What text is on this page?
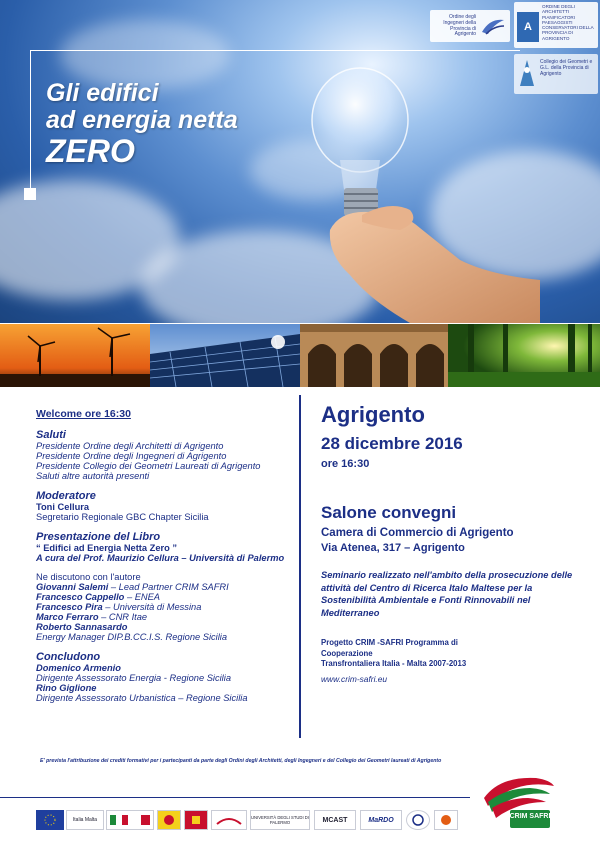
Gli edifici
ad energia netta
ZERO
Ordine degli Ingegneri della Provincia di Agrigento
A
ORDINE DEGLI ARCHITETTI PIANIFICATORI PAESAGGISTI CONSERVATORI DELLA PROVINCIA DI AGRIGENTO
Collegio dei Geometri e G.L. della Provincia di Agrigento
Welcome ore 16:30
Saluti
Presidente Ordine degli Architetti di Agrigento
Presidente Ordine degli Ingegneri di Agrigento
Presidente Collegio dei Geometri Laureati di Agrigento
Saluti altre autorità presenti
Moderatore
Toni Cellura
Segretario Regionale GBC Chapter Sicilia
Presentazione del Libro
“ Edifici ad Energia Netta Zero ”
A cura del Prof. Maurizio Cellura – Università di Palermo
Ne discutono con l'autore
Giovanni Salemi – Lead Partner CRIM SAFRI
Francesco Cappello – ENEA
Francesco Pira – Università di Messina
Marco Ferraro – CNR Itae
Roberto Sannasardo
Energy Manager DIP.B.CC.I.S. Regione Sicilia
Concludono
Domenico Armenio
Dirigente Assessorato Energia - Regione Sicilia
Rino Giglione
Dirigente Assessorato Urbanistica – Regione Sicilia
Agrigento
28 dicembre 2016
ore 16:30
Salone convegni
Camera di Commercio di Agrigento
Via Atenea, 317 – Agrigento
Seminario realizzato nell'ambito della prosecuzione delle attività del Centro di Ricerca Italo Maltese per la Sostenibilità Ambientale e Fonti Rinnovabili nel Mediterraneo
Progetto CRIM -SAFRI Programma di
Cooperazione
Transfrontaliera Italia - Malta 2007-2013
www.crim-safri.eu
E' prevista l'attribuzione dei crediti formativi per i partecipanti da parte degli Ordini degli Architetti, degli Ingegneri e del Collegio dei Geometri laureati di Agrigento
Italia Malta	UNIVERSITÀ DEGLI STUDI DI PALERMO	MCAST	MaRDO	CRIM SAFRI
